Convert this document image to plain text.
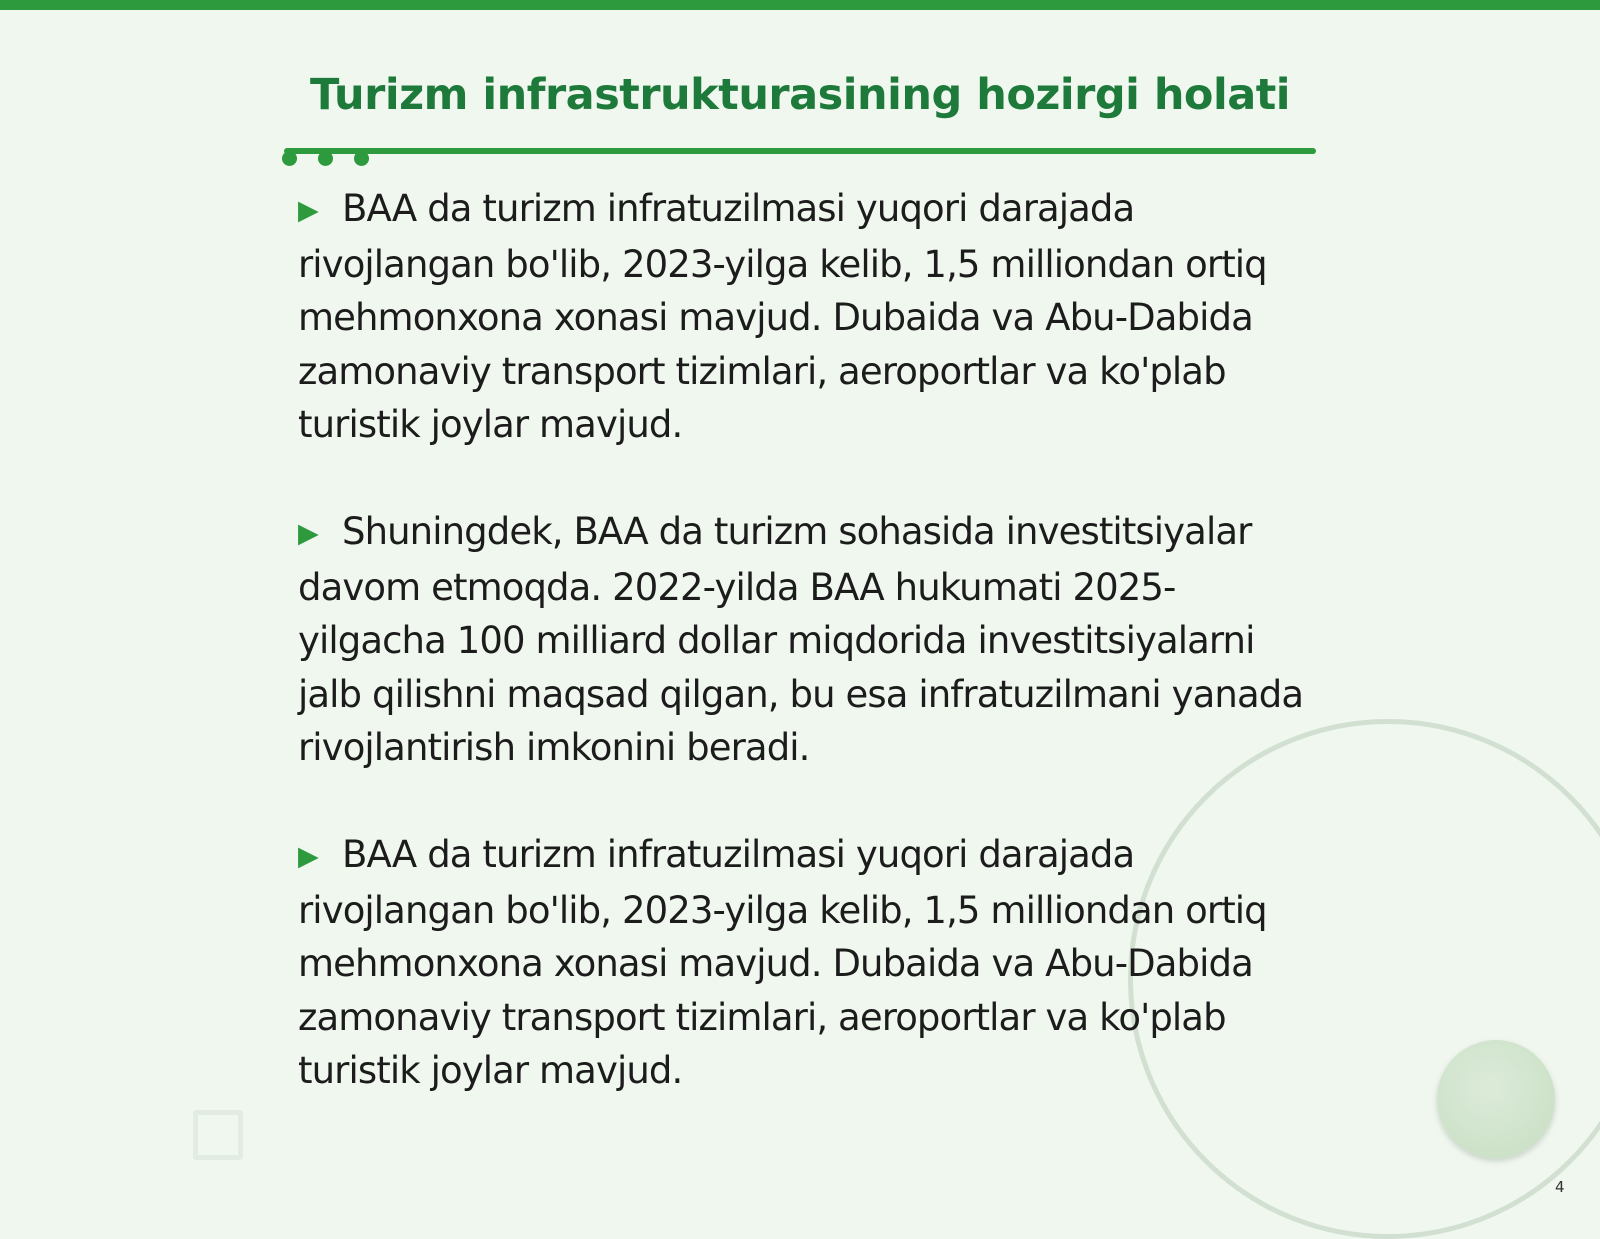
Turizm infrastrukturasining hozirgi holati

▶ BAA da turizm infratuzilmasi yuqori darajada rivojlangan bo'lib, 2023-yilga kelib, 1,5 milliondan ortiq mehmonxona xonasi mavjud. Dubaida va Abu-Dabida zamonaviy transport tizimlari, aeroportlar va ko'plab turistik joylar mavjud.

▶ Shuningdek, BAA da turizm sohasida investitsiyalar davom etmoqda. 2022-yilda BAA hukumati 2025-yilgacha 100 milliard dollar miqdorida investitsiyalarni jalb qilishni maqsad qilgan, bu esa infratuzilmani yanada rivojlantirish imkonini beradi.

▶ BAA da turizm infratuzilmasi yuqori darajada rivojlangan bo'lib, 2023-yilga kelib, 1,5 milliondan ortiq mehmonxona xonasi mavjud. Dubaida va Abu-Dabida zamonaviy transport tizimlari, aeroportlar va ko'plab turistik joylar mavjud.

4
